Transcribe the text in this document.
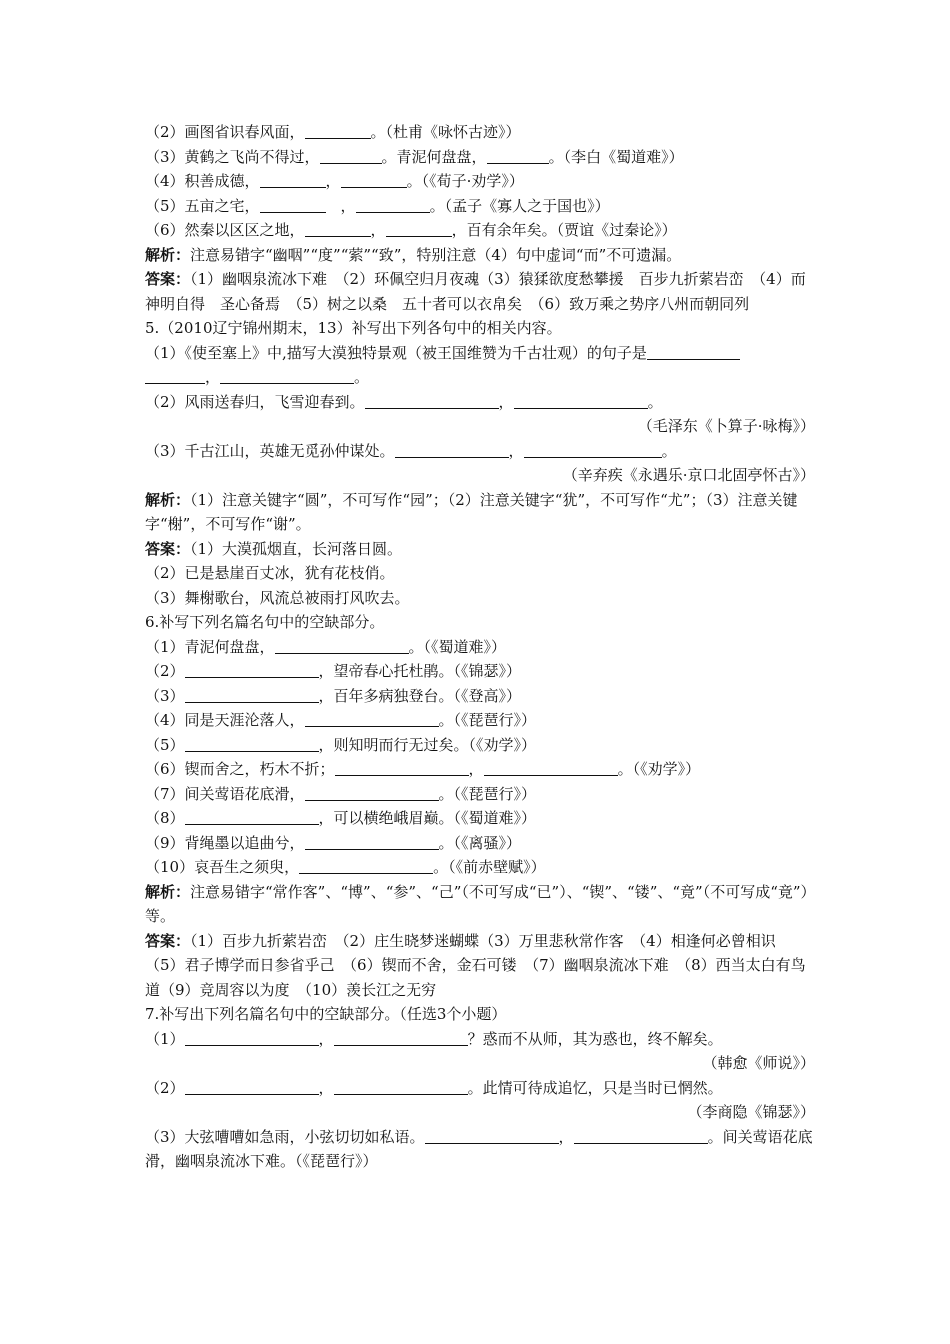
（2）画图省识春风面，	。（杜甫《咏怀古迹》）
（3）黄鹤之飞尚不得过，	。青泥何盘盘，	。（李白《蜀道难》）
（4）积善成德，	，	。（《荀子·劝学》）
（5）五亩之宅，	　，	。（孟子《寡人之于国也》）
（6）然秦以区区之地，	，	，百有余年矣。（贾谊《过秦论》）
解析：注意易错字“幽咽”“度”“萦”“致”，特别注意（4）句中虚词“而”不可遗漏。
答案：（1）幽咽泉流冰下难　（2）环佩空归月夜魂（3）猿猱欲度愁攀援　百步九折萦岩峦　（4）而神明自得　圣心备焉　（5）树之以桑　五十者可以衣帛矣　（6）致万乘之势序八州而朝同列
5.（2010辽宁锦州期末，13）补写出下列各句中的相关内容。
（1）《使至塞上》中,描写大漠独特景观（被王国维赞为千古壮观）的句子是
，	。
（2）风雨送春归，飞雪迎春到。	，	。
（毛泽东《卜算子·咏梅》）
（3）千古江山，英雄无觅孙仲谋处。	，	。
（辛弃疾《永遇乐·京口北固亭怀古》）
解析：（1）注意关键字“圆”，不可写作“园”；（2）注意关键字“犹”，不可写作“尤”；（3）注意关键字“榭”，不可写作“谢”。
答案：（1）大漠孤烟直，长河落日圆。
（2）已是悬崖百丈冰，犹有花枝俏。
（3）舞榭歌台，风流总被雨打风吹去。
6.补写下列名篇名句中的空缺部分。
（1）青泥何盘盘，	。（《蜀道难》）
（2）	，望帝春心托杜鹃。（《锦瑟》）
（3）	，百年多病独登台。（《登高》）
（4）同是天涯沦落人，	。（《琵琶行》）
（5）	，则知明而行无过矣。（《劝学》）
（6）锲而舍之，朽木不折；	，	。（《劝学》）
（7）间关莺语花底滑，	。（《琵琶行》）
（8）	，可以横绝峨眉巅。（《蜀道难》）
（9）背绳墨以追曲兮，	。（《离骚》）
（10）哀吾生之须臾，	。（《前赤壁赋》）
解析：注意易错字“常作客”、“博”、“参”、“己”（不可写成“已”）、“锲”、“镂”、“竟”（不可写成“竟”）等。
答案：（1）百步九折萦岩峦　（2）庄生晓梦迷蝴蝶（3）万里悲秋常作客　（4）相逢何必曾相识　（5）君子博学而日参省乎己　（6）锲而不舍，金石可镂　（7）幽咽泉流冰下难　（8）西当太白有鸟道（9）竞周容以为度　（10）羡长江之无穷
7.补写出下列名篇名句中的空缺部分。（任选3个小题）
（1）	，	？惑而不从师，其为惑也，终不解矣。
（韩愈《师说》）
（2）	，	。此情可待成追忆，只是当时已惘然。
（李商隐《锦瑟》）
（3）大弦嘈嘈如急雨，小弦切切如私语。	，	。间关莺语花底滑，幽咽泉流冰下难。（《琵琶行》）
